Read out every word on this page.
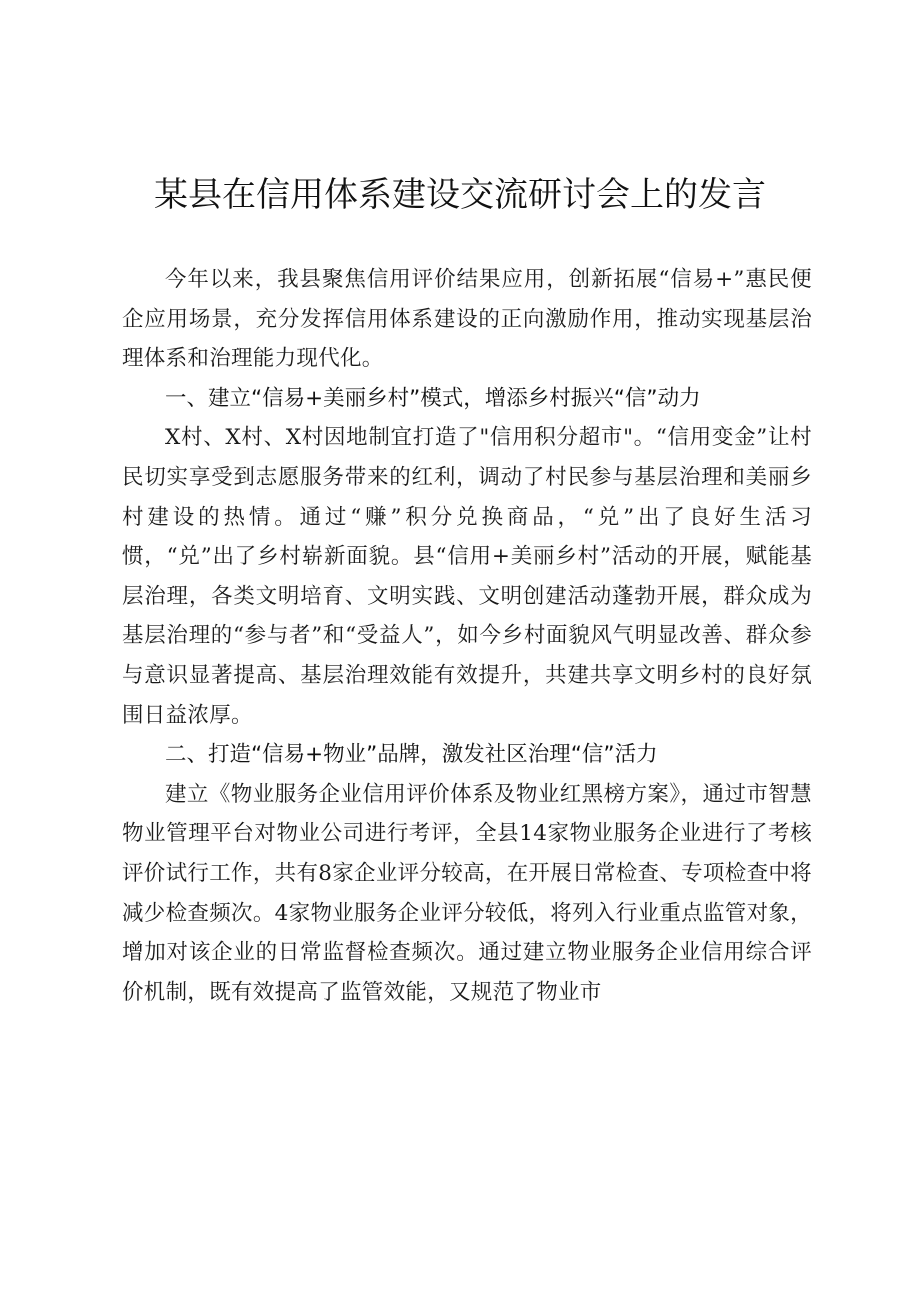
某县在信用体系建设交流研讨会上的发言

今年以来，我县聚焦信用评价结果应用，创新拓展“信易+”惠民便企应用场景，充分发挥信用体系建设的正向激励作用，推动实现基层治理体系和治理能力现代化。

一、建立“信易+美丽乡村”模式，增添乡村振兴“信”动力

X村、X村、X村因地制宜打造了"信用积分超市"。“信用变金”让村民切实享受到志愿服务带来的红利，调动了村民参与基层治理和美丽乡村建设的热情。通过“赚”积分兑换商品，“兑”出了良好生活习惯，“兑”出了乡村崭新面貌。县“信用+美丽乡村”活动的开展，赋能基层治理，各类文明培育、文明实践、文明创建活动蓬勃开展，群众成为基层治理的“参与者”和“受益人”，如今乡村面貌风气明显改善、群众参与意识显著提高、基层治理效能有效提升，共建共享文明乡村的良好氛围日益浓厚。

二、打造“信易+物业”品牌，激发社区治理“信”活力

建立《物业服务企业信用评价体系及物业红黑榜方案》，通过市智慧物业管理平台对物业公司进行考评，全县14家物业服务企业进行了考核评价试行工作，共有8家企业评分较高，在开展日常检查、专项检查中将减少检查频次。4家物业服务企业评分较低，将列入行业重点监管对象，增加对该企业的日常监督检查频次。通过建立物业服务企业信用综合评价机制，既有效提高了监管效能，又规范了物业市
